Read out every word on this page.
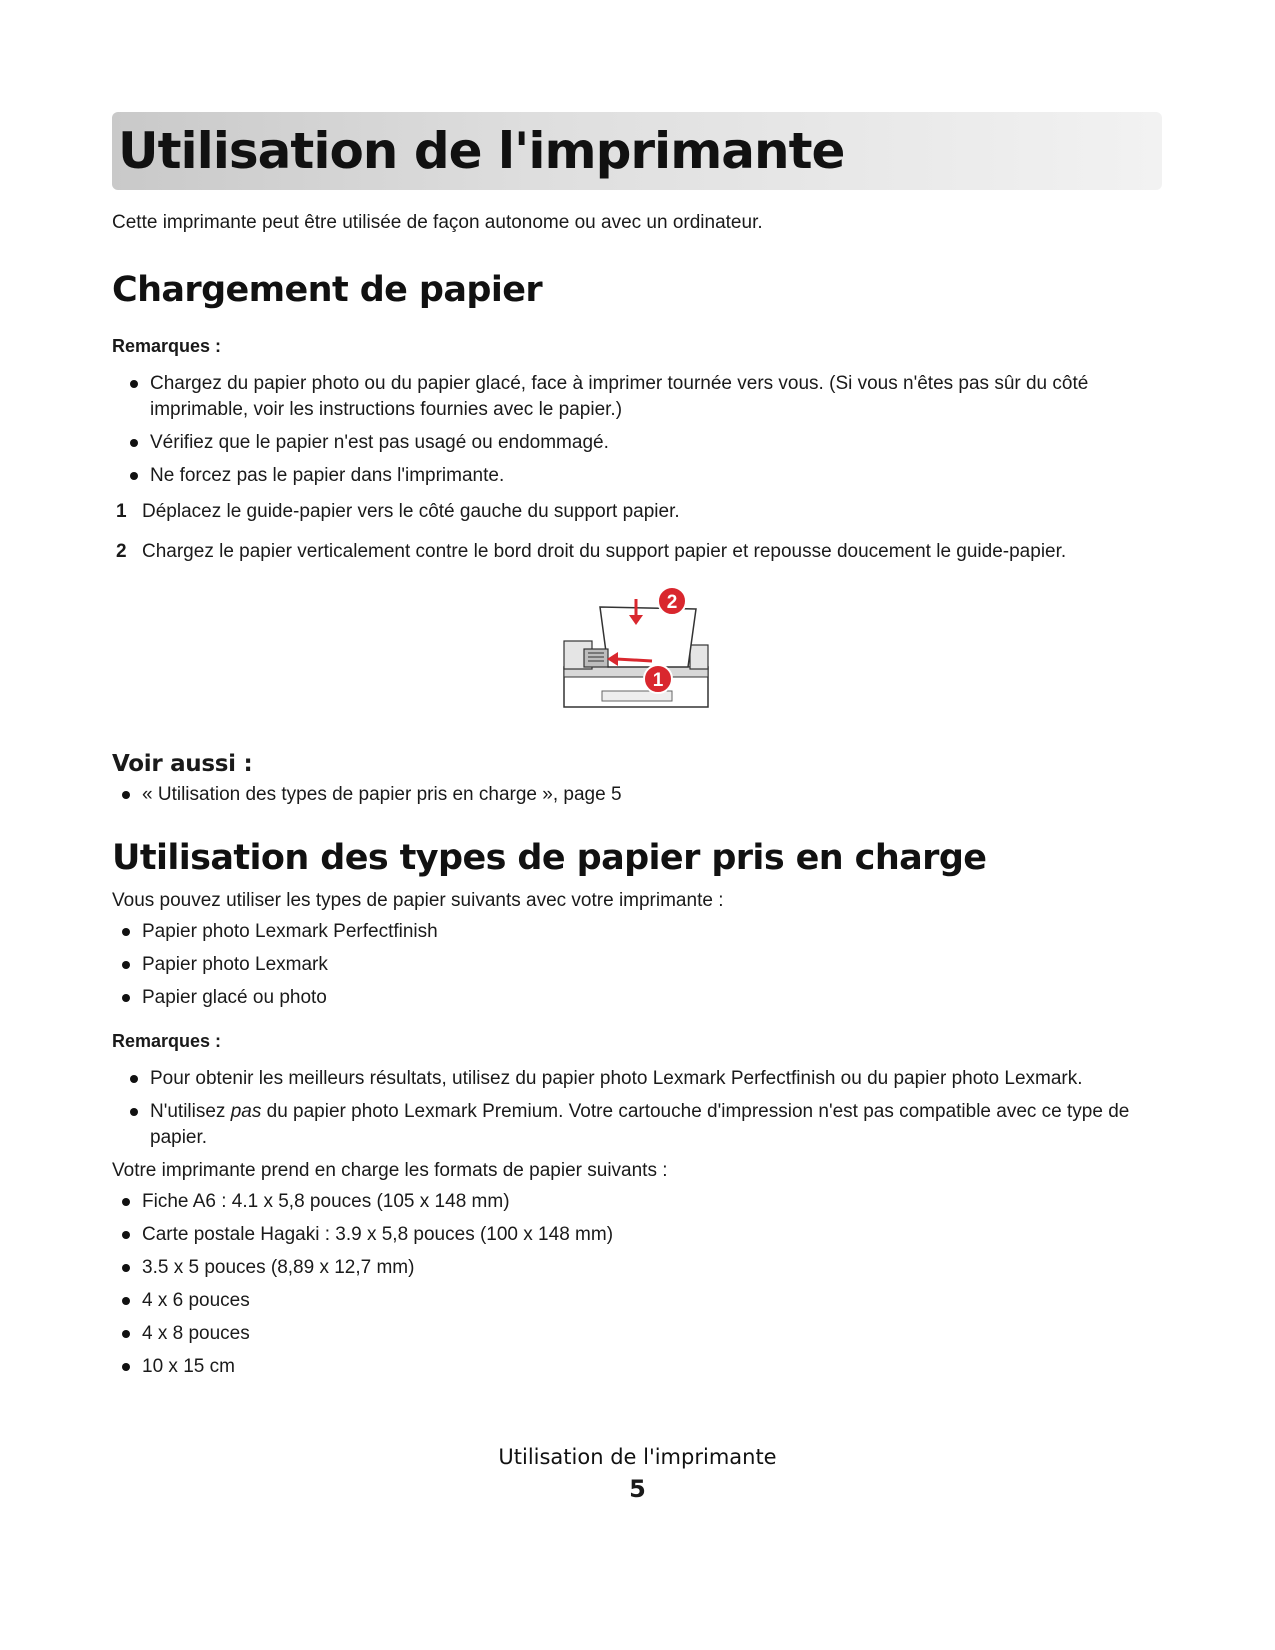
Utilisation de l'imprimante

Cette imprimante peut être utilisée de façon autonome ou avec un ordinateur.

Chargement de papier
Remarques :
Chargez du papier photo ou du papier glacé, face à imprimer tournée vers vous. (Si vous n'êtes pas sûr du côté imprimable, voir les instructions fournies avec le papier.)
Vérifiez que le papier n'est pas usagé ou endommagé.
Ne forcez pas le papier dans l'imprimante.
1 Déplacez le guide-papier vers le côté gauche du support papier.
2 Chargez le papier verticalement contre le bord droit du support papier et repousse doucement le guide-papier.
2
1
Voir aussi :
« Utilisation des types de papier pris en charge », page 5
Utilisation des types de papier pris en charge

Vous pouvez utiliser les types de papier suivants avec votre imprimante :

Papier photo Lexmark Perfectfinish
Papier photo Lexmark
Papier glacé ou photo
Remarques :
Pour obtenir les meilleurs résultats, utilisez du papier photo Lexmark Perfectfinish ou du papier photo Lexmark.
N'utilisez pas du papier photo Lexmark Premium. Votre cartouche d'impression n'est pas compatible avec ce type de papier.

Votre imprimante prend en charge les formats de papier suivants :

Fiche A6 : 4.1 x 5,8 pouces (105 x 148 mm)
Carte postale Hagaki : 3.9 x 5,8 pouces (100 x 148 mm)
3.5 x 5 pouces (8,89 x 12,7 mm)
4 x 6 pouces
4 x 8 pouces
10 x 15 cm
Utilisation de l'imprimante
5
